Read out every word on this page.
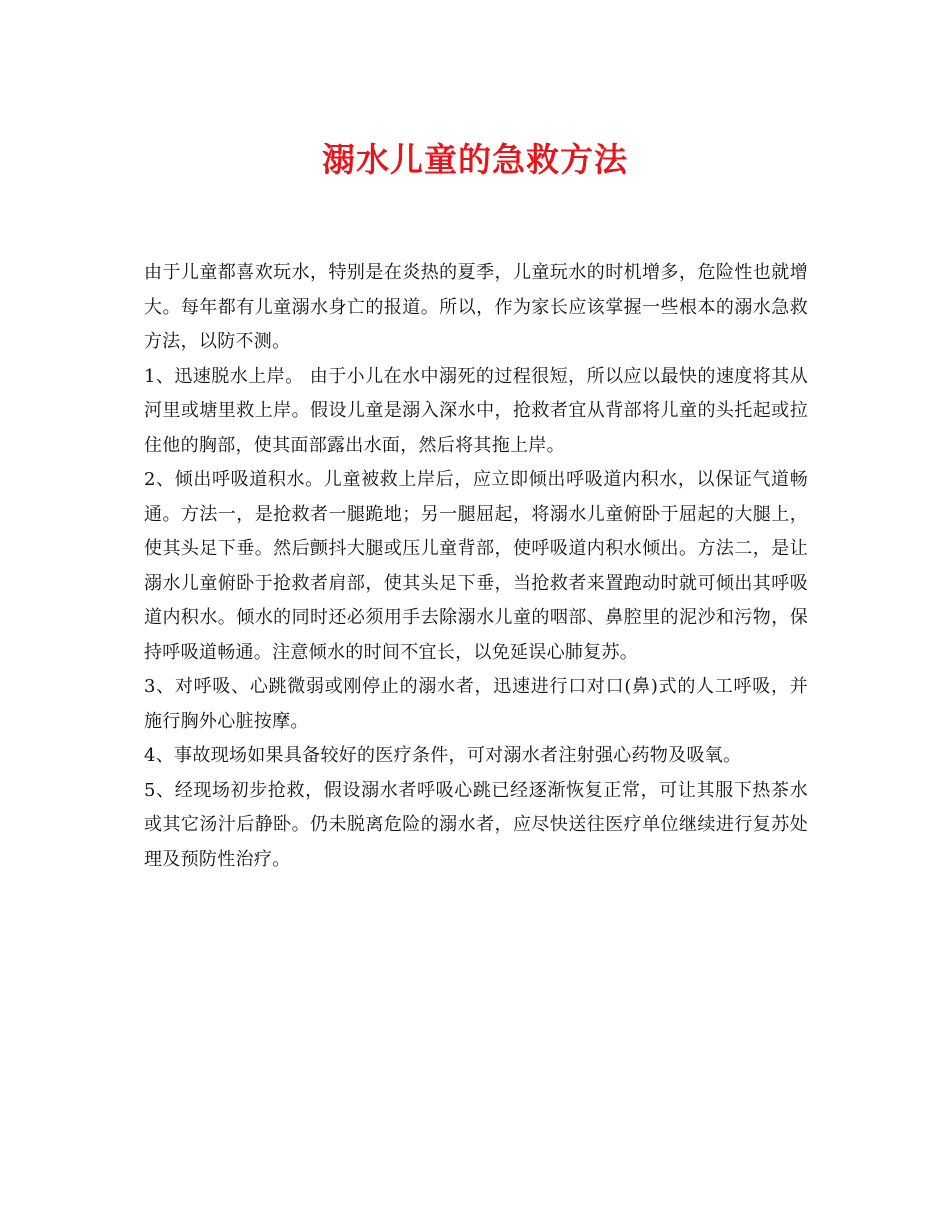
溺水儿童的急救方法

由于儿童都喜欢玩水，特别是在炎热的夏季，儿童玩水的时机增多，危险性也就增大。每年都有儿童溺水身亡的报道。所以，作为家长应该掌握一些根本的溺水急救方法，以防不测。

1、迅速脱水上岸。 由于小儿在水中溺死的过程很短，所以应以最快的速度将其从河里或塘里救上岸。假设儿童是溺入深水中，抢救者宜从背部将儿童的头托起或拉住他的胸部，使其面部露出水面，然后将其拖上岸。

2、倾出呼吸道积水。儿童被救上岸后，应立即倾出呼吸道内积水，以保证气道畅通。方法一，是抢救者一腿跪地；另一腿屈起，将溺水儿童俯卧于屈起的大腿上，使其头足下垂。然后颤抖大腿或压儿童背部，使呼吸道内积水倾出。方法二，是让溺水儿童俯卧于抢救者肩部，使其头足下垂，当抢救者来置跑动时就可倾出其呼吸道内积水。倾水的同时还必须用手去除溺水儿童的咽部、鼻腔里的泥沙和污物，保持呼吸道畅通。注意倾水的时间不宜长，以免延误心肺复苏。

3、对呼吸、心跳微弱或刚停止的溺水者，迅速进行口对口(鼻)式的人工呼吸，并施行胸外心脏按摩。

4、事故现场如果具备较好的医疗条件，可对溺水者注射强心药物及吸氧。

5、经现场初步抢救，假设溺水者呼吸心跳已经逐渐恢复正常，可让其服下热茶水或其它汤汁后静卧。仍未脱离危险的溺水者，应尽快送往医疗单位继续进行复苏处理及预防性治疗。
